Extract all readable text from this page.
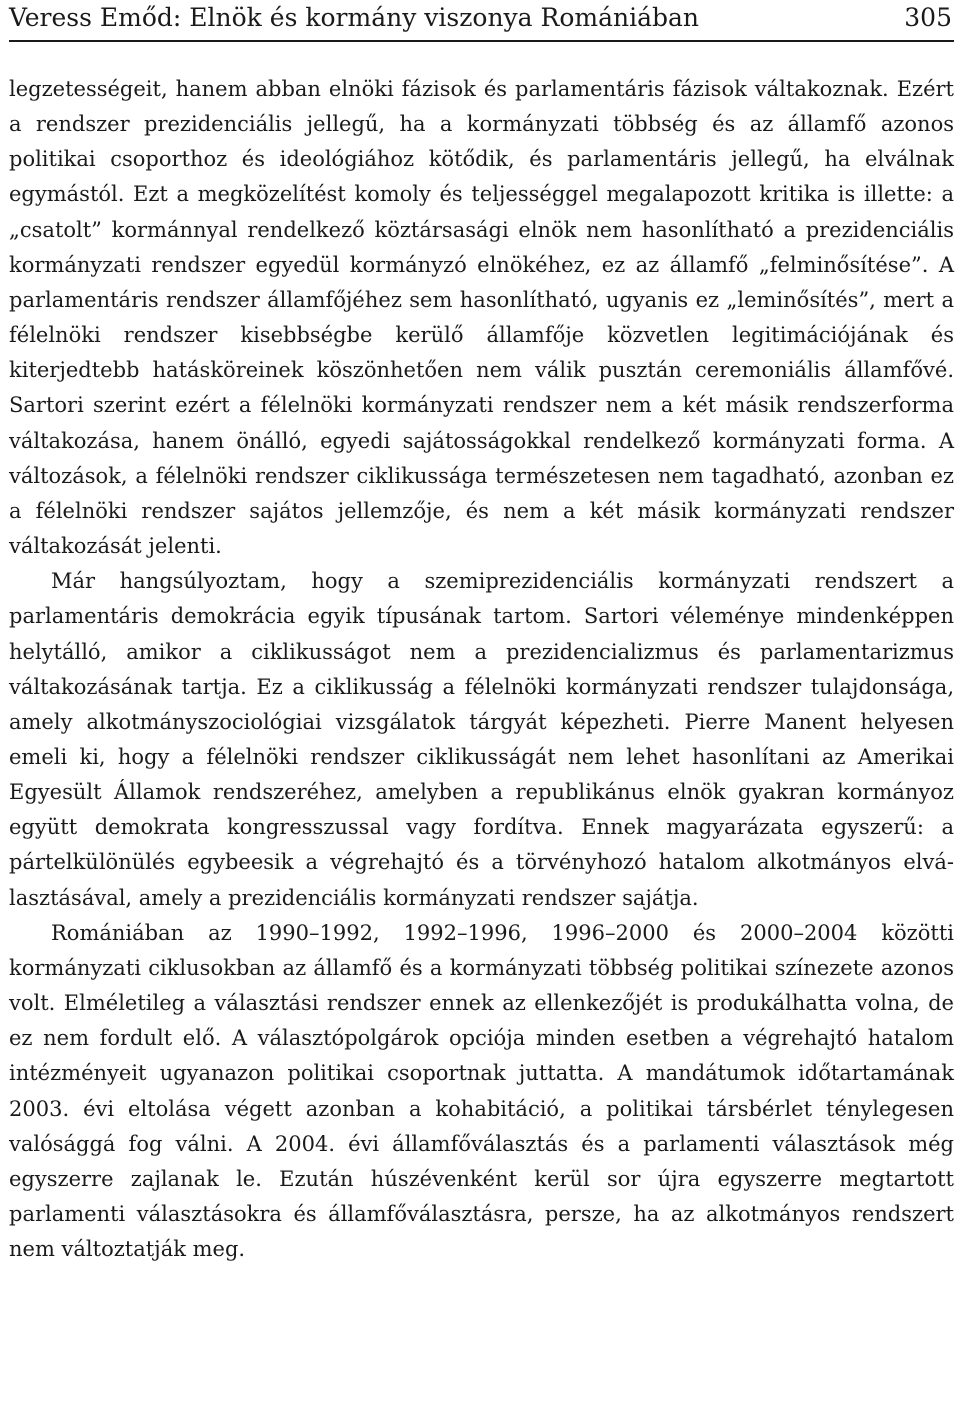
Veress Emőd: Elnök és kormány viszonya Romániában	305

legzetességeit, hanem abban elnöki fázisok és parlamentáris fázisok váltakoznak. Ezért a rendszer prezidenciális jellegű, ha a kormányzati többség és az államfő azonos politikai csoporthoz és ideológiához kötődik, és parlamentáris jellegű, ha elválnak egymástól. Ezt a megközelítést komoly és teljességgel megalapozott kritika is illette: a „csatolt” kormánnyal rendelkező köztársasági elnök nem hasonlítható a prezidenciális kormányzati rendszer egyedül kormányzó elnökéhez, ez az államfő „felminősítése”. A parlamentáris rendszer államfőjéhez sem hasonlítható, ugyanis ez „leminősítés”, mert a félelnöki rendszer kisebbségbe kerülő államfője közvetlen legitimációjának és kiterjedtebb hatásköreinek köszönhetően nem válik pusztán ceremoniális államfővé. Sartori szerint ezért a félelnöki kormányzati rendszer nem a két másik rendszerforma váltakozása, hanem önálló, egyedi sajátosságokkal rendelkező kormányzati forma. A változások, a félelnöki rendszer ciklikussága természetesen nem tagadható, azonban ez a félelnöki rendszer sajátos jellemzője, és nem a két másik kormányzati rendszer váltakozását jelenti.

Már hangsúlyoztam, hogy a szemiprezidenciális kormányzati rendszert a parlamentáris demokrácia egyik típusának tartom. Sartori véleménye mindenképpen helytálló, amikor a ciklikusságot nem a prezidencializmus és parlamentarizmus váltakozásának tartja. Ez a ciklikusság a félelnöki kormányzati rendszer tulajdonsága, amely alkotmányszociológiai vizsgálatok tárgyát képezheti. Pierre Manent helyesen emeli ki, hogy a félelnöki rendszer ciklikusságát nem lehet hasonlítani az Amerikai Egyesült Államok rendszeréhez, amelyben a republikánus elnök gyakran kormányoz együtt demokrata kongresszussal vagy fordítva. Ennek magyarázata egyszerű: a pártelkülönülés egybeesik a végrehajtó és a törvényhozó hatalom alkotmányos elválasztásával, amely a prezidenciális kormányzati rendszer sajátja.

Romániában az 1990–1992, 1992–1996, 1996–2000 és 2000–2004 közötti kormányzati ciklusokban az államfő és a kormányzati többség politikai színezete azonos volt. Elméletileg a választási rendszer ennek az ellenkezőjét is produkálhatta volna, de ez nem fordult elő. A választópolgárok opciója minden esetben a végrehajtó hatalom intézményeit ugyanazon politikai csoportnak juttatta. A mandátumok időtartamának 2003. évi eltolása végett azonban a kohabitáció, a politikai társbérlet ténylegesen valósággá fog válni. A 2004. évi államfőválasztás és a parlamenti választások még egyszerre zajlanak le. Ezután húszévenként kerül sor újra egyszerre megtartott parlamenti választásokra és államfőválasztásra, persze, ha az alkotmányos rendszert nem változtatják meg.
